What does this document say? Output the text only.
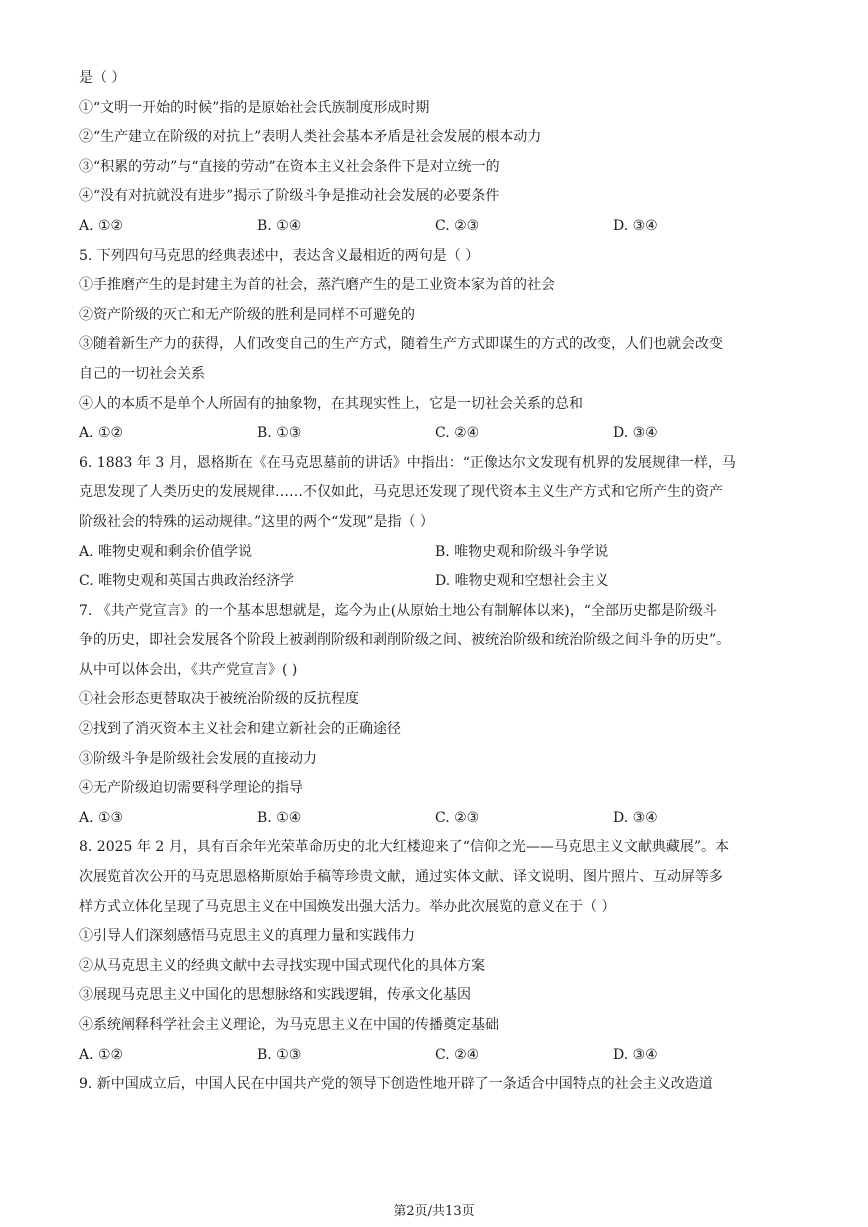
是（ ）
①“文明一开始的时候”指的是原始社会氏族制度形成时期
②“生产建立在阶级的对抗上”表明人类社会基本矛盾是社会发展的根本动力
③“积累的劳动”与“直接的劳动”在资本主义社会条件下是对立统一的
④“没有对抗就没有进步”揭示了阶级斗争是推动社会发展的必要条件
A. ①②	B. ①④	C. ②③	D. ③④
5. 下列四句马克思的经典表述中，表达含义最相近的两句是（ ）
①手推磨产生的是封建主为首的社会，蒸汽磨产生的是工业资本家为首的社会
②资产阶级的灭亡和无产阶级的胜利是同样不可避免的
③随着新生产力的获得，人们改变自己的生产方式，随着生产方式即谋生的方式的改变，人们也就会改变
自己的一切社会关系
④人的本质不是单个人所固有的抽象物，在其现实性上，它是一切社会关系的总和
A. ①②	B. ①③	C. ②④	D. ③④
6. 1883 年 3 月，恩格斯在《在马克思墓前的讲话》中指出：“正像达尔文发现有机界的发展规律一样，马
克思发现了人类历史的发展规律……不仅如此，马克思还发现了现代资本主义生产方式和它所产生的资产
阶级社会的特殊的运动规律。”这里的两个“发现”是指（ ）
A. 唯物史观和剩余价值学说	B. 唯物史观和阶级斗争学说
C. 唯物史观和英国古典政治经济学	D. 唯物史观和空想社会主义
7. 《共产党宣言》的一个基本思想就是，迄今为止(从原始土地公有制解体以来)，“全部历史都是阶级斗
争的历史，即社会发展各个阶段上被剥削阶级和剥削阶级之间、被统治阶级和统治阶级之间斗争的历史”。
从中可以体会出，《共产党宣言》( )
①社会形态更替取决于被统治阶级的反抗程度
②找到了消灭资本主义社会和建立新社会的正确途径
③阶级斗争是阶级社会发展的直接动力
④无产阶级迫切需要科学理论的指导
A. ①③	B. ①④	C. ②③	D. ③④
8. 2025 年 2 月，具有百余年光荣革命历史的北大红楼迎来了“信仰之光——马克思主义文献典藏展”。本
次展览首次公开的马克思恩格斯原始手稿等珍贵文献，通过实体文献、译文说明、图片照片、互动屏等多
样方式立体化呈现了马克思主义在中国焕发出强大活力。举办此次展览的意义在于（ ）
①引导人们深刻感悟马克思主义的真理力量和实践伟力
②从马克思主义的经典文献中去寻找实现中国式现代化的具体方案
③展现马克思主义中国化的思想脉络和实践逻辑，传承文化基因
④系统阐释科学社会主义理论，为马克思主义在中国的传播奠定基础
A. ①②	B. ①③	C. ②④	D. ③④
9. 新中国成立后，中国人民在中国共产党的领导下创造性地开辟了一条适合中国特点的社会主义改造道
第2页/共13页
